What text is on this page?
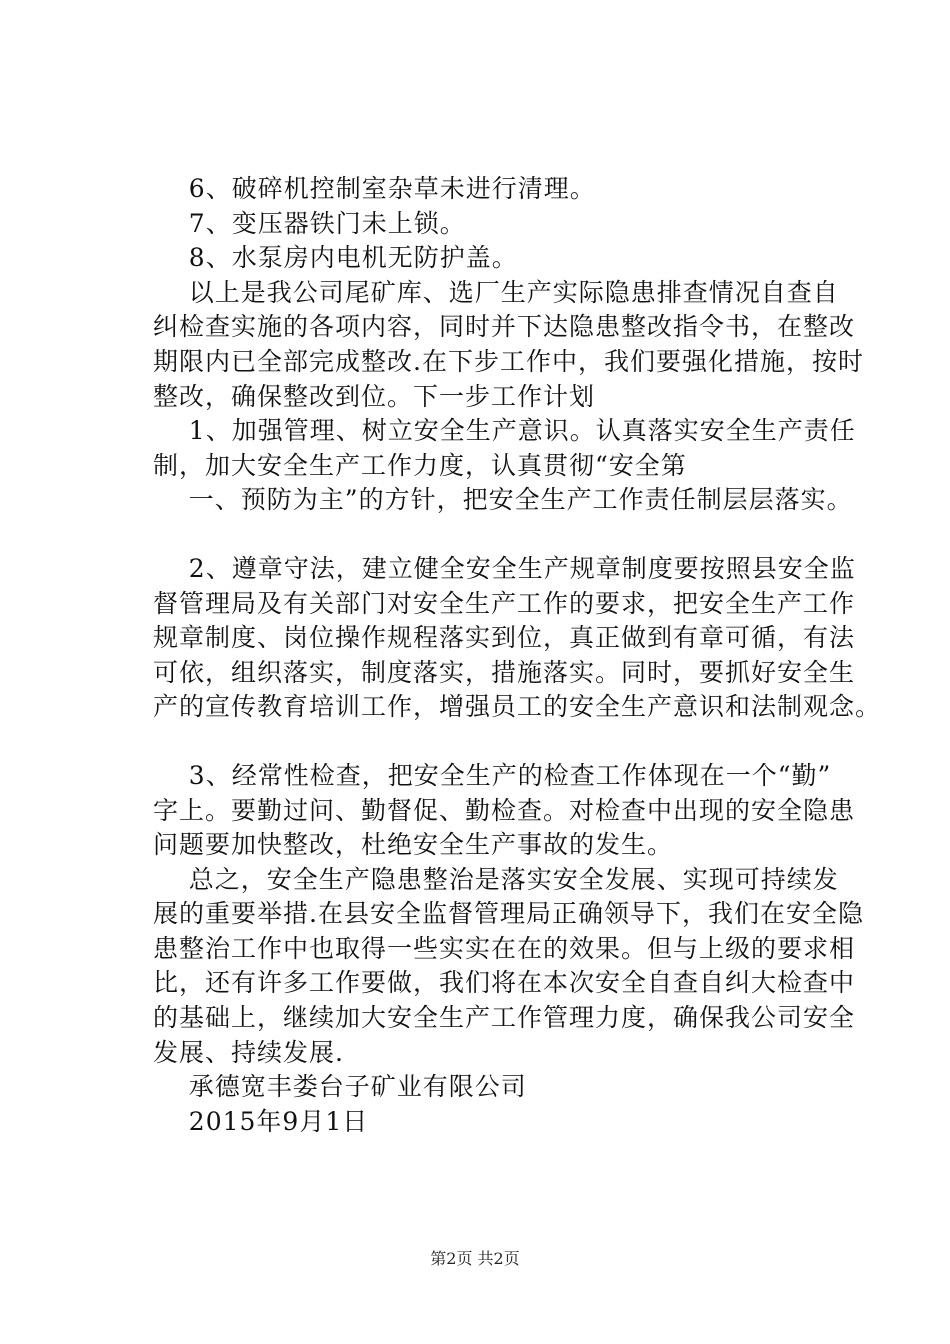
6、破碎机控制室杂草未进行清理。

7、变压器铁门未上锁。

8、水泵房内电机无防护盖。

以上是我公司尾矿库、选厂生产实际隐患排查情况自查自

纠检查实施的各项内容，同时并下达隐患整改指令书，在整改

期限内已全部完成整改.在下步工作中，我们要强化措施，按时

整改，确保整改到位。下一步工作计划

1、加强管理、树立安全生产意识。认真落实安全生产责任

制，加大安全生产工作力度，认真贯彻“安全第

一、预防为主”的方针，把安全生产工作责任制层层落实。

2、遵章守法，建立健全安全生产规章制度要按照县安全监

督管理局及有关部门对安全生产工作的要求，把安全生产工作

规章制度、岗位操作规程落实到位，真正做到有章可循，有法

可依，组织落实，制度落实，措施落实。同时，要抓好安全生

产的宣传教育培训工作，增强员工的安全生产意识和法制观念。

3、经常性检查，把安全生产的检查工作体现在一个“勤”

字上。要勤过问、勤督促、勤检查。对检查中出现的安全隐患

问题要加快整改，杜绝安全生产事故的发生。

总之，安全生产隐患整治是落实安全发展、实现可持续发

展的重要举措.在县安全监督管理局正确领导下，我们在安全隐

患整治工作中也取得一些实实在在的效果。但与上级的要求相

比，还有许多工作要做，我们将在本次安全自查自纠大检查中

的基础上，继续加大安全生产工作管理力度，确保我公司安全

发展、持续发展.

承德宽丰娄台子矿业有限公司

2015年9月1日

第2页 共2页
